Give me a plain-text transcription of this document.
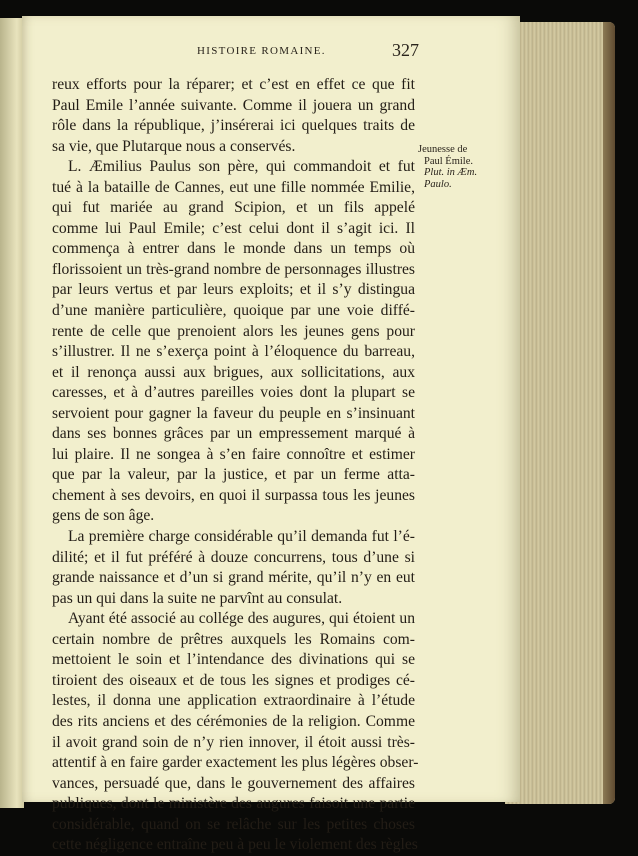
HISTOIRE ROMAINE.	327
reux efforts pour la réparer; et c’est en effet ce que fit
Paul Emile l’année suivante. Comme il jouera un grand
rôle dans la république, j’insérerai ici quelques traits de
sa vie, que Plutarque nous a conservés.
L. Æmilius Paulus son père, qui commandoit et fut
tué à la bataille de Cannes, eut une fille nommée Emilie,
qui fut mariée au grand Scipion, et un fils appelé
comme lui Paul Emile; c’est celui dont il s’agit ici. Il
commença à entrer dans le monde dans un temps où
florissoient un très-grand nombre de personnages illustres
par leurs vertus et par leurs exploits; et il s’y distingua
d’une manière particulière, quoique par une voie diffé-
rente de celle que prenoient alors les jeunes gens pour
s’illustrer. Il ne s’exerça point à l’éloquence du barreau,
et il renonça aussi aux brigues, aux sollicitations, aux
caresses, et à d’autres pareilles voies dont la plupart se
servoient pour gagner la faveur du peuple en s’insinuant
dans ses bonnes grâces par un empressement marqué à
lui plaire. Il ne songea à s’en faire connoître et estimer
que par la valeur, par la justice, et par un ferme atta-
chement à ses devoirs, en quoi il surpassa tous les jeunes
gens de son âge.
La première charge considérable qu’il demanda fut l’é-
dilité; et il fut préféré à douze concurrens, tous d’une si
grande naissance et d’un si grand mérite, qu’il n’y en eut
pas un qui dans la suite ne parvînt au consulat.
Ayant été associé au collége des augures, qui étoient un
certain nombre de prêtres auxquels les Romains com-
mettoient le soin et l’intendance des divinations qui se
tiroient des oiseaux et de tous les signes et prodiges cé-
lestes, il donna une application extraordinaire à l’étude
des rits anciens et des cérémonies de la religion. Comme
il avoit grand soin de n’y rien innover, il étoit aussi très-
attentif à en faire garder exactement les plus légères obser-
vances, persuadé que, dans le gouvernement des affaires
publiques, dont le ministère des augures faisoit une partie
considérable, quand on se relâche sur les petites choses
cette négligence entraîne peu à peu le violement des règles
Jeunesse de
Paul Émile.
Plut. in Æm.
Paulo.
